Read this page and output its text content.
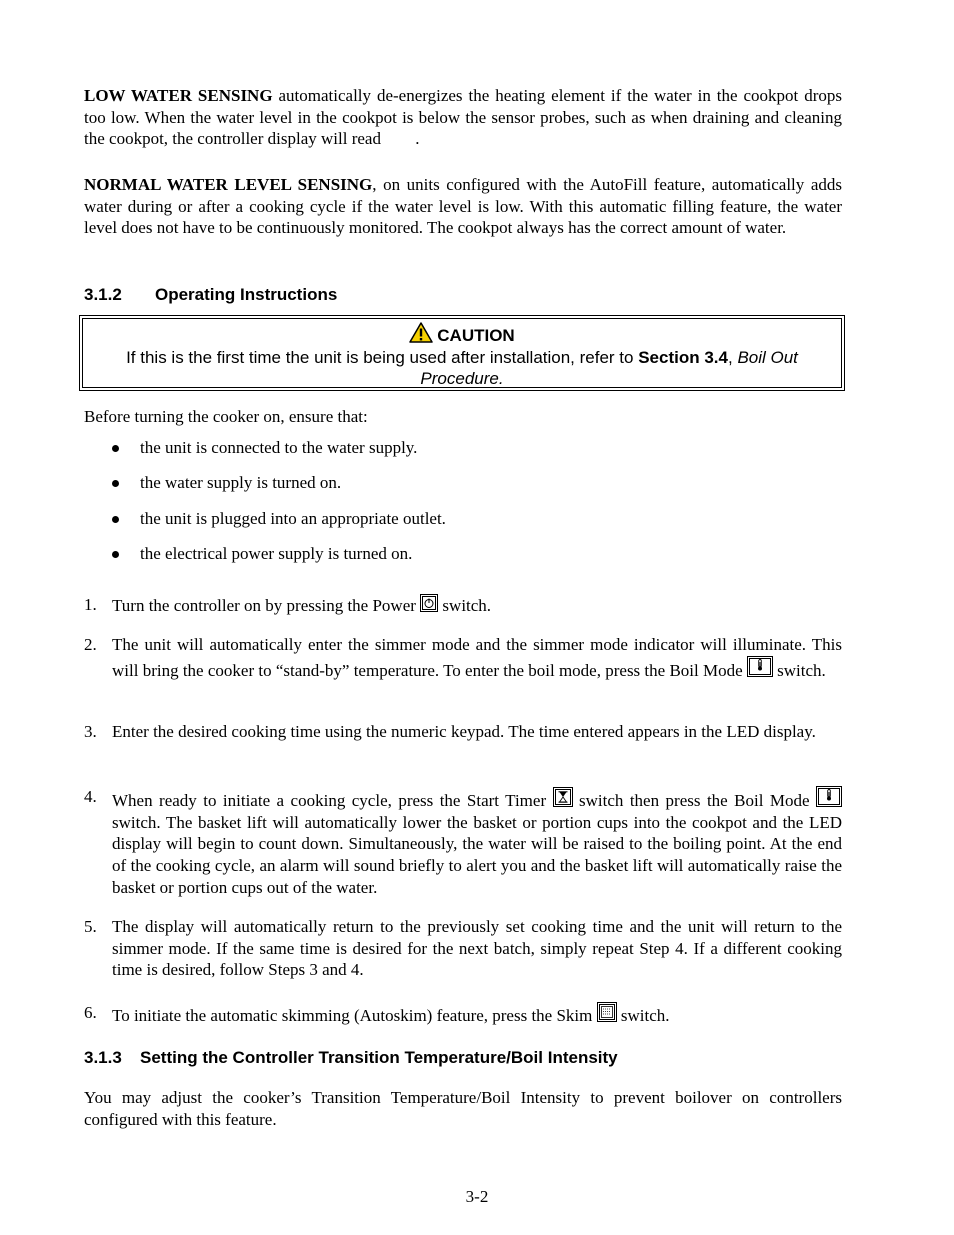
LOW WATER SENSING automatically de-energizes the heating element if the water in the cookpot drops too low. When the water level in the cookpot is below the sensor probes, such as when draining and cleaning the cookpot, the controller display will read .

NORMAL WATER LEVEL SENSING, on units configured with the AutoFill feature, automatically adds water during or after a cooking cycle if the water level is low. With this automatic filling feature, the water level does not have to be continuously monitored. The cookpot always has the correct amount of water.

3.1.2 Operating Instructions
CAUTION
If this is the first time the unit is being used after installation, refer to Section 3.4, Boil Out Procedure.

Before turning the cooker on, ensure that:

the unit is connected to the water supply.
the water supply is turned on.
the unit is plugged into an appropriate outlet.
the electrical power supply is turned on.
1. Turn the controller on by pressing the Power
switch.
2. The unit will automatically enter the simmer mode and the simmer mode indicator will illuminate. This will bring the cooker to “stand-by” temperature. To enter the boil mode, press the Boil Mode
switch.
3. Enter the desired cooking time using the numeric keypad. The time entered appears in the LED display.
4. When ready to initiate a cooking cycle, press the Start Timer
switch then press the Boil Mode
switch. The basket lift will automatically lower the basket or portion cups into the cookpot and the LED display will begin to count down. Simultaneously, the water will be raised to the boiling point. At the end of the cooking cycle, an alarm will sound briefly to alert you and the basket lift will automatically raise the basket or portion cups out of the water.
5. The display will automatically return to the previously set cooking time and the unit will return to the simmer mode. If the same time is desired for the next batch, simply repeat Step 4. If a different cooking time is desired, follow Steps 3 and 4.
6. To initiate the automatic skimming (Autoskim) feature, press the Skim
switch.
3.1.3 Setting the Controller Transition Temperature/Boil Intensity

You may adjust the cooker’s Transition Temperature/Boil Intensity to prevent boilover on controllers configured with this feature.

3-2
